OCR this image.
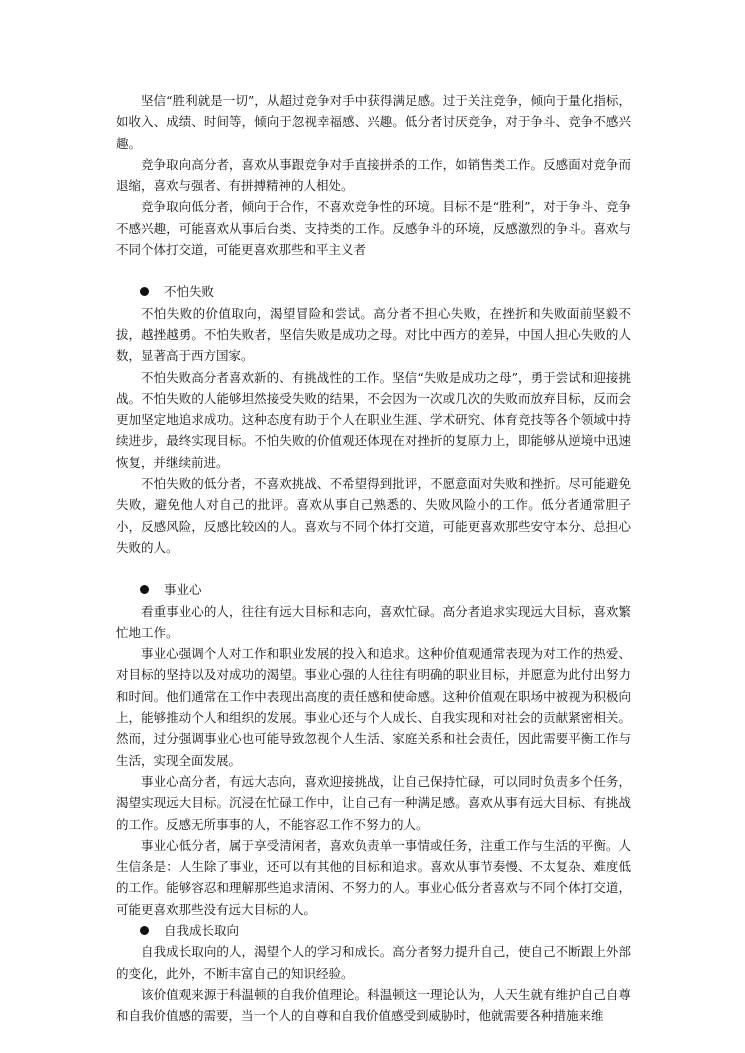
坚信“胜利就是一切”，从超过竞争对手中获得满足感。过于关注竞争，倾向于量化指标，如收入、成绩、时间等，倾向于忽视幸福感、兴趣。低分者讨厌竞争，对于争斗、竞争不感兴趣。

竞争取向高分者，喜欢从事跟竞争对手直接拼杀的工作，如销售类工作。反感面对竞争而退缩，喜欢与强者、有拼搏精神的人相处。

竞争取向低分者，倾向于合作，不喜欢竞争性的环境。目标不是“胜利”，对于争斗、竞争不感兴趣，可能喜欢从事后台类、支持类的工作。反感争斗的环境，反感激烈的争斗。喜欢与不同个体打交道，可能更喜欢那些和平主义者

不怕失败

不怕失败的价值取向，渴望冒险和尝试。高分者不担心失败，在挫折和失败面前坚毅不拔，越挫越勇。不怕失败者，坚信失败是成功之母。对比中西方的差异，中国人担心失败的人数，显著高于西方国家。

不怕失败高分者喜欢新的、有挑战性的工作。坚信“失败是成功之母”，勇于尝试和迎接挑战。不怕失败的人能够坦然接受失败的结果，不会因为一次或几次的失败而放弃目标，反而会更加坚定地追求成功。这种态度有助于个人在职业生涯、学术研究、体育竞技等各个领域中持续进步，最终实现目标。不怕失败的价值观还体现在对挫折的复原力上，即能够从逆境中迅速恢复，并继续前进。

不怕失败的低分者，不喜欢挑战、不希望得到批评，不愿意面对失败和挫折。尽可能避免失败，避免他人对自己的批评。喜欢从事自己熟悉的、失败风险小的工作。低分者通常胆子小，反感风险，反感比较凶的人。喜欢与不同个体打交道，可能更喜欢那些安守本分、总担心失败的人。

事业心

看重事业心的人，往往有远大目标和志向，喜欢忙碌。高分者追求实现远大目标，喜欢繁忙地工作。

事业心强调个人对工作和职业发展的投入和追求。这种价值观通常表现为对工作的热爱、对目标的坚持以及对成功的渴望。事业心强的人往往有明确的职业目标，并愿意为此付出努力和时间。他们通常在工作中表现出高度的责任感和使命感。这种价值观在职场中被视为积极向上，能够推动个人和组织的发展。事业心还与个人成长、自我实现和对社会的贡献紧密相关。然而，过分强调事业心也可能导致忽视个人生活、家庭关系和社会责任，因此需要平衡工作与生活，实现全面发展。

事业心高分者，有远大志向，喜欢迎接挑战，让自己保持忙碌，可以同时负责多个任务，渴望实现远大目标。沉浸在忙碌工作中，让自己有一种满足感。喜欢从事有远大目标、有挑战的工作。反感无所事事的人，不能容忍工作不努力的人。

事业心低分者，属于享受清闲者，喜欢负责单一事情或任务，注重工作与生活的平衡。人生信条是：人生除了事业，还可以有其他的目标和追求。喜欢从事节奏慢、不太复杂、难度低的工作。能够容忍和理解那些追求清闲、不努力的人。事业心低分者喜欢与不同个体打交道，可能更喜欢那些没有远大目标的人。

自我成长取向

自我成长取向的人，渴望个人的学习和成长。高分者努力提升自己，使自己不断跟上外部的变化，此外，不断丰富自己的知识经验。

该价值观来源于科温顿的自我价值理论。科温顿这一理论认为，人天生就有维护自己自尊和自我价值感的需要，当一个人的自尊和自我价值感受到威胁时，他就需要各种措施来维
